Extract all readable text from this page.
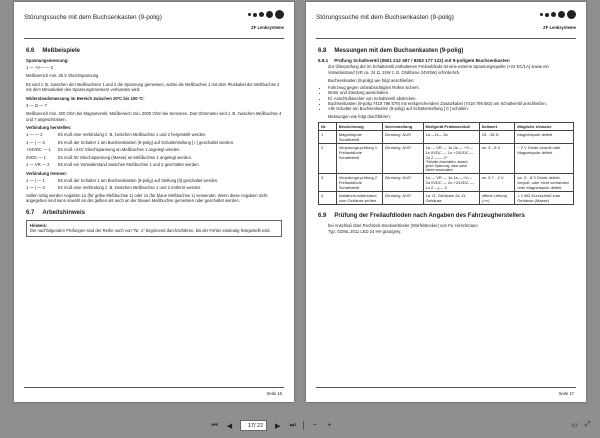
Störungssuche mit dem Buchsenkasten (9-polig)
ZF Lenksysteme
6.6 Meßbeispiele
Spannungsmessung:
1 — +V— — 2
Meßbereich min. 28 V Gleichspannung
Es wird z. B. zwischen den Meßbuchsen 1 und 2 die Spannung gemessen, wobei die Meßbuchse 1 mit dem Pluskabel der Meßbuchse 2 mit dem Minuskabel des Spannungsmessers verbunden wird.
Widerstandsmessung im Bereich zwischen 20ºC bis 100 ºC:
4 — Ω — 7
Meßbereich min. 400 Ohm bei Magnetventil, Meßbereich min. 2000 Ohm bei Sensoren. Das Ohmmeter wird z. B. zwischen Meßbuchse 4 und 7 angeschlossen.
Verbindung herstellen:
1 — — 2	Es muß eine Verbindung z. B. zwischen Meßbuchse 1 und 2 hergestellt werden.
1 — | — 2	Es muß der Schalter 1 am Buchsenkasten (9-polig) auf Schalterstellung [ I ] geschaltet werden.
+24VDC — 1	Es muß +24V Gleichspannung an Meßbuchse 1 angelegt werden.
0VDC — 1	Es muß 0V Gleichspannung (Masse) an Meßbuchse 1 angelegt werden.
1 — VR — 2	Es muß ein Vorwiderstand zwischen Meßbuchse 1 und 2 geschaltet werden.
Verbindung trennen:
1 — | — 1	Es muß der Schalter 1 am Buchsenkasten (9-polig) auf Stellung [0] geschaltet werden.
1 — | — 2	Es muß eine Verbindung z. B. zwischen Meßbuchse 1 und 2 entfernt werden.
Sollen nötig werden Angaben 1ο (für gelbe Meßbuchse 1) oder 1s (für blaue Meßbuchse 1) verwendet. Wenn diese Angaben nicht angegeben sind kann sowohl an der gelben als auch an der blauen Meßbuchse gemessen oder geschaltet werden.
6.7 Arbeitshinweis
Hinweis:
Die nachfolgenden Prüfungen sind der Reihe nach von "Nr. 1" beginnend durchzuführen, bis der Fehler eindeutig festgestellt wird.
Seite 16
Störungssuche mit dem Buchsenkasten (9-polig)
ZF Lenksysteme
6.8 Messungen mit dem Buchsenkasten (9-polig)
6.8.1 Prüfung Schaltventil (0501 212 457 / 8353 177 122) mit 9-poligem Buchsenkasten
Zur Überprüfung der im Schaltventil enthaltenen Freilaufdiode ist eine externe Spannungsquelle (+24 DC/1A) sowie ein Vorwiderstand (VR ca. 24 Ω, 24W z. B. Glühbirne 24V/5W) erforderlich.
Buchsenkasten (9-polig) wie folgt anschließen:
• Fahrzeug gegen unbeabsichtigtes Rollen sichern.
• Motor und Zündung ausschalten.
• El. Anschlußstecker von Schaltventil abstecken.
• Buchsenkasten (9-polig 7418 798 579) mit entsprechendem Zusatzkabel (7418 798 582) am Schaltventil anschließen.
• Alle Schalter am Buchsenkasten (9-polig) auf Schalterstellung [ 0 ] schalten.
Messungen wie folgt durchführen:
Nr.	Bezeichnung	Voreinstellung	Meßgerät Prüfanschluß	Sollwert	Mögliche Ursache
1	Magnetspule Schaltventil	Zündung 'AUS'	1a —Ω— 2a	25…35 Ω	Magnetspule defekt
2	Verpolungs-prüfung 1 Freilaufdiode Schaltventil	Zündung 'AUS'	1a — VR — 1s 2a — +V— 1s 0VDC — 1o +24VDC — 2o 2 —— 2*
*Schalter einschalten, danach gleich Spannung, dann sofort wieder ausschalten	ca. 3…8 V	~ 2 V Diode verpolt oder Magnetspule defekt
3	Verpolungs-prüfung 2 Freilaufdiode Schaltventil	Zündung 'AUS'	1o — VR — 1s 1a —+V— 2a 0VDC — 2o +24VDC — 1o 2 —|— 2	ca. 0,7…2 V	ca. 3…8 V Diode defekt, verpolt, oder nicht vorhanden oder Magnetspule defekt
4	Isolations-widerstand zum Gehäuse prüfen	Zündung 'AUS'	1a -Ω- Gehäuse 2a -Ω- Gehäuse	offene Leitung (=∞)	< 1 MΩ Kurzschluß zum Gehäuse (Masse)
6.9 Prüfung der Freilaufdioden nach Angaben des Fahrzeugherstellers
bei Anschluß über Rechteck-Steckverbinder (Würfelstecker) von Fa. Hirschmann
Typ: GDML 2011 LED 24 HH grau/grey.
Seite 17
⏮ ◀
17	/ 22 ▶ ⏭	−	+	▭ ⤢
